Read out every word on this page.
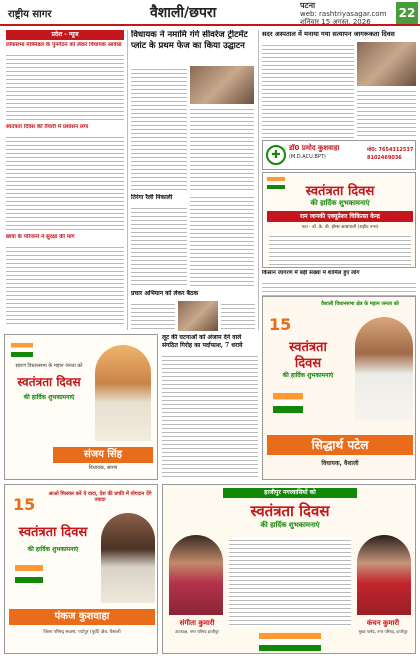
राष्ट्रीय सागर	वैशाली/छपरा	पटना
web: rashtriyasagar.com
शनिवार 15 अगस्त, 2026
22
प्रदेश - न्यूज
लोकसभा मंत्रिमंडल के पुनर्गठन को लेकर विधायक आवास
स्वतंत्रता दिवस की तैयारी में प्रशासन लगा
छात्रा के परिजनों ने सुरक्षा की मांग
विधायक ने नमामि गंगे सीवरेज ट्रीटमेंट प्लांट के प्रथम फेज का किया उद्घाटन
तिरंगा रैली निकाली
प्रचार अभियान को लेकर बैठक
सदर अस्पताल में मनाया गया सत्यापन जागरूकता दिवस
✚	डॉ0 प्रमोद कुशवाहा
(M.D.ACU,BPT)
मो0: 7654312537
8102469036
स्वतंत्रता दिवस
की हार्दिक शुभकामनाएं
राम जानकी एक्यूप्रेशर चिकित्सा केन्द्र
पता - डॉ. के. बी. होम्स आम्रपाली (शहीद नगर)
किसान जागरण में बड़ी संख्या में शामिल हुए लोग
सारण विधानसभा के महान जनता को
स्वतंत्रता दिवस
की हार्दिक शुभकामनाएं
संजय सिंह
विधायक, सारण
लूट की घटनाओं को अंजाम देने वाले संगठित गिरोह का पर्दाफाश, 7 धराये
वैशाली विधानसभा क्षेत्र के महान जनता को
15
स्वतंत्रता
दिवस
की हार्दिक शुभकामनाएं
सिद्धार्थ पटेल
विधायक, वैशाली
आओ मिलकर करें ये वादा, देश की प्रगति में योगदान देंगे ज्यादा
15
स्वतंत्रता दिवस
की हार्दिक शुभकामनाएं
पंकज कुशवाहा
जिला परिषद् सदस्य, पाटेपुर (पूर्वी) क्षेत्र, वैशाली
हाजीपुर नगरवासियों को
स्वतंत्रता दिवस
की हार्दिक शुभकामनाएं
संगीता कुमारी
उपाध्यक्ष, नगर परिषद हाजीपुर
कंचन कुमारी
मुख्य पार्षद, नगर परिषद, हाजीपुर
